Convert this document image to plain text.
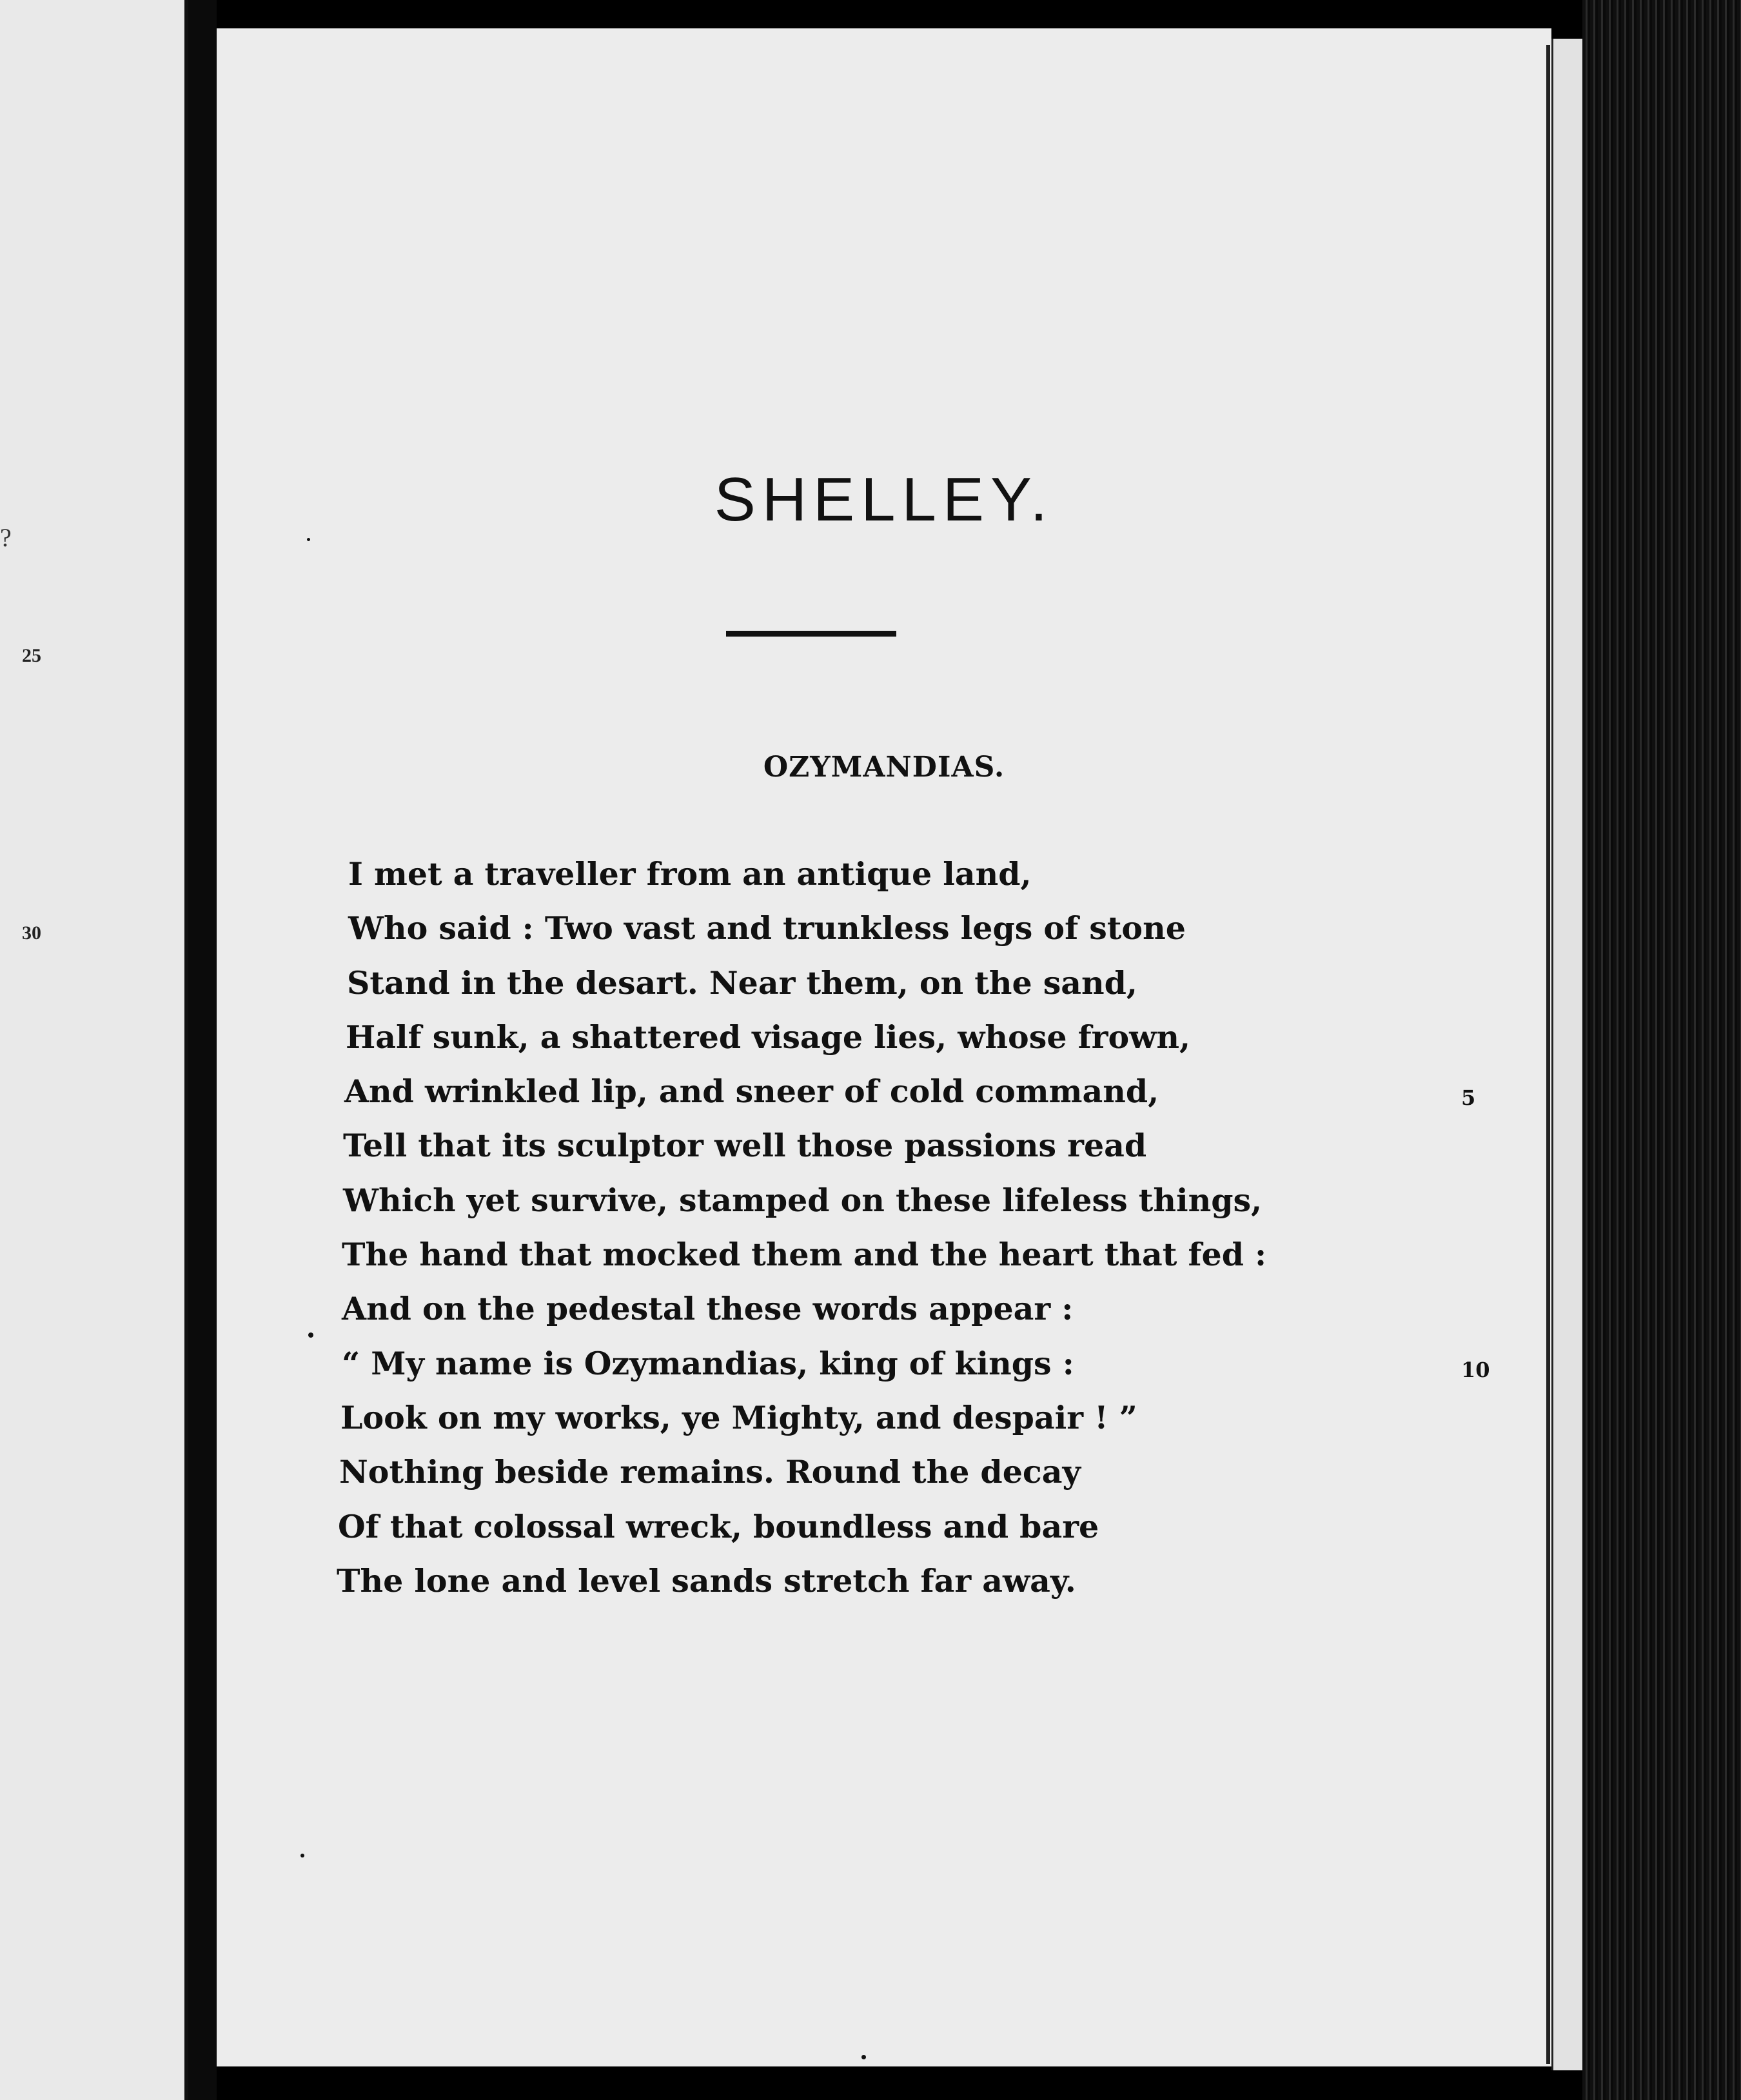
?
25
30
SHELLEY.
OZYMANDIAS.
I met a traveller from an antique land,
Who said : Two vast and trunkless legs of stone
Stand in the desart. Near them, on the sand,
Half sunk, a shattered visage lies, whose frown,
And wrinkled lip, and sneer of cold command,	5
Tell that its sculptor well those passions read
Which yet survive, stamped on these lifeless things,
The hand that mocked them and the heart that fed :
And on the pedestal these words appear :
“ My name is Ozymandias, king of kings :	10
Look on my works, ye Mighty, and despair ! ”
Nothing beside remains. Round the decay
Of that colossal wreck, boundless and bare
The lone and level sands stretch far away.
